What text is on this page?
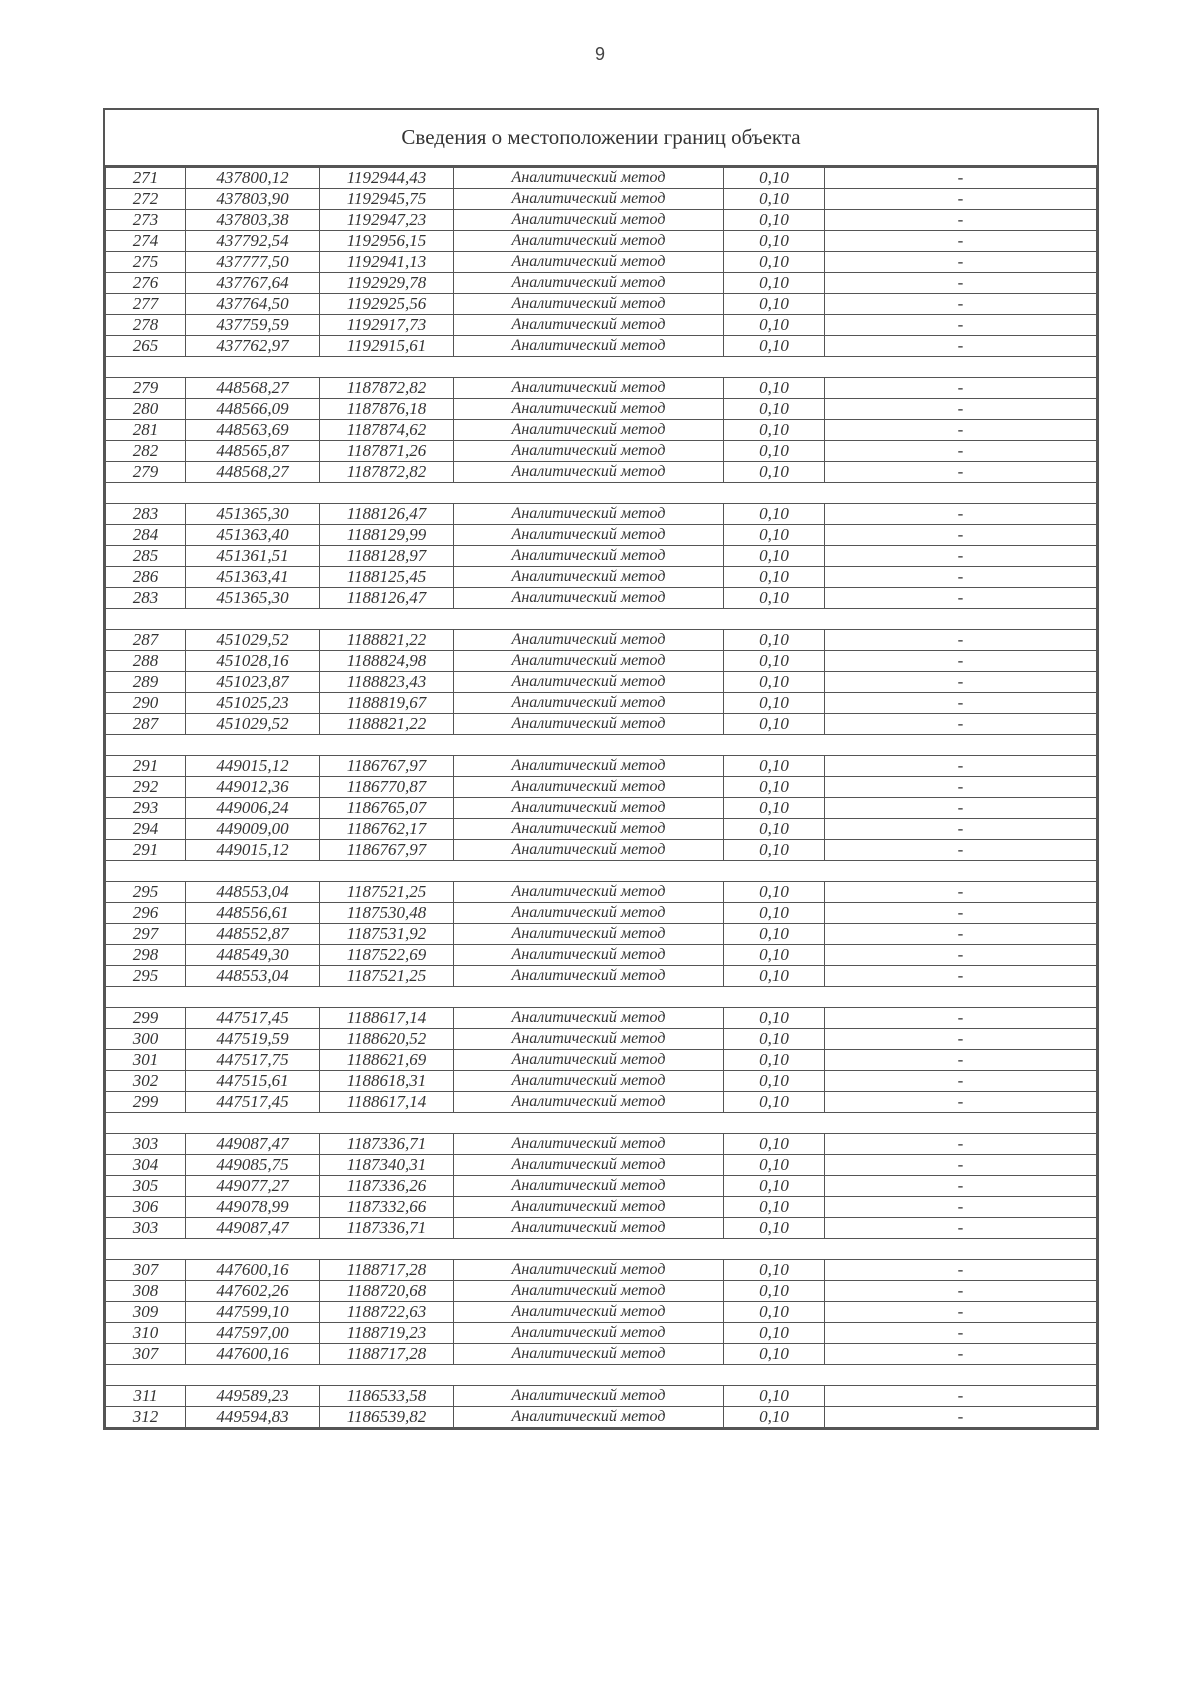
9
Сведения о местоположении границ объекта
271	437800,12	1192944,43	Аналитический метод	0,10	-
272	437803,90	1192945,75	Аналитический метод	0,10	-
273	437803,38	1192947,23	Аналитический метод	0,10	-
274	437792,54	1192956,15	Аналитический метод	0,10	-
275	437777,50	1192941,13	Аналитический метод	0,10	-
276	437767,64	1192929,78	Аналитический метод	0,10	-
277	437764,50	1192925,56	Аналитический метод	0,10	-
278	437759,59	1192917,73	Аналитический метод	0,10	-
265	437762,97	1192915,61	Аналитический метод	0,10	-

279	448568,27	1187872,82	Аналитический метод	0,10	-
280	448566,09	1187876,18	Аналитический метод	0,10	-
281	448563,69	1187874,62	Аналитический метод	0,10	-
282	448565,87	1187871,26	Аналитический метод	0,10	-
279	448568,27	1187872,82	Аналитический метод	0,10	-

283	451365,30	1188126,47	Аналитический метод	0,10	-
284	451363,40	1188129,99	Аналитический метод	0,10	-
285	451361,51	1188128,97	Аналитический метод	0,10	-
286	451363,41	1188125,45	Аналитический метод	0,10	-
283	451365,30	1188126,47	Аналитический метод	0,10	-

287	451029,52	1188821,22	Аналитический метод	0,10	-
288	451028,16	1188824,98	Аналитический метод	0,10	-
289	451023,87	1188823,43	Аналитический метод	0,10	-
290	451025,23	1188819,67	Аналитический метод	0,10	-
287	451029,52	1188821,22	Аналитический метод	0,10	-

291	449015,12	1186767,97	Аналитический метод	0,10	-
292	449012,36	1186770,87	Аналитический метод	0,10	-
293	449006,24	1186765,07	Аналитический метод	0,10	-
294	449009,00	1186762,17	Аналитический метод	0,10	-
291	449015,12	1186767,97	Аналитический метод	0,10	-

295	448553,04	1187521,25	Аналитический метод	0,10	-
296	448556,61	1187530,48	Аналитический метод	0,10	-
297	448552,87	1187531,92	Аналитический метод	0,10	-
298	448549,30	1187522,69	Аналитический метод	0,10	-
295	448553,04	1187521,25	Аналитический метод	0,10	-

299	447517,45	1188617,14	Аналитический метод	0,10	-
300	447519,59	1188620,52	Аналитический метод	0,10	-
301	447517,75	1188621,69	Аналитический метод	0,10	-
302	447515,61	1188618,31	Аналитический метод	0,10	-
299	447517,45	1188617,14	Аналитический метод	0,10	-

303	449087,47	1187336,71	Аналитический метод	0,10	-
304	449085,75	1187340,31	Аналитический метод	0,10	-
305	449077,27	1187336,26	Аналитический метод	0,10	-
306	449078,99	1187332,66	Аналитический метод	0,10	-
303	449087,47	1187336,71	Аналитический метод	0,10	-

307	447600,16	1188717,28	Аналитический метод	0,10	-
308	447602,26	1188720,68	Аналитический метод	0,10	-
309	447599,10	1188722,63	Аналитический метод	0,10	-
310	447597,00	1188719,23	Аналитический метод	0,10	-
307	447600,16	1188717,28	Аналитический метод	0,10	-

311	449589,23	1186533,58	Аналитический метод	0,10	-
312	449594,83	1186539,82	Аналитический метод	0,10	-
